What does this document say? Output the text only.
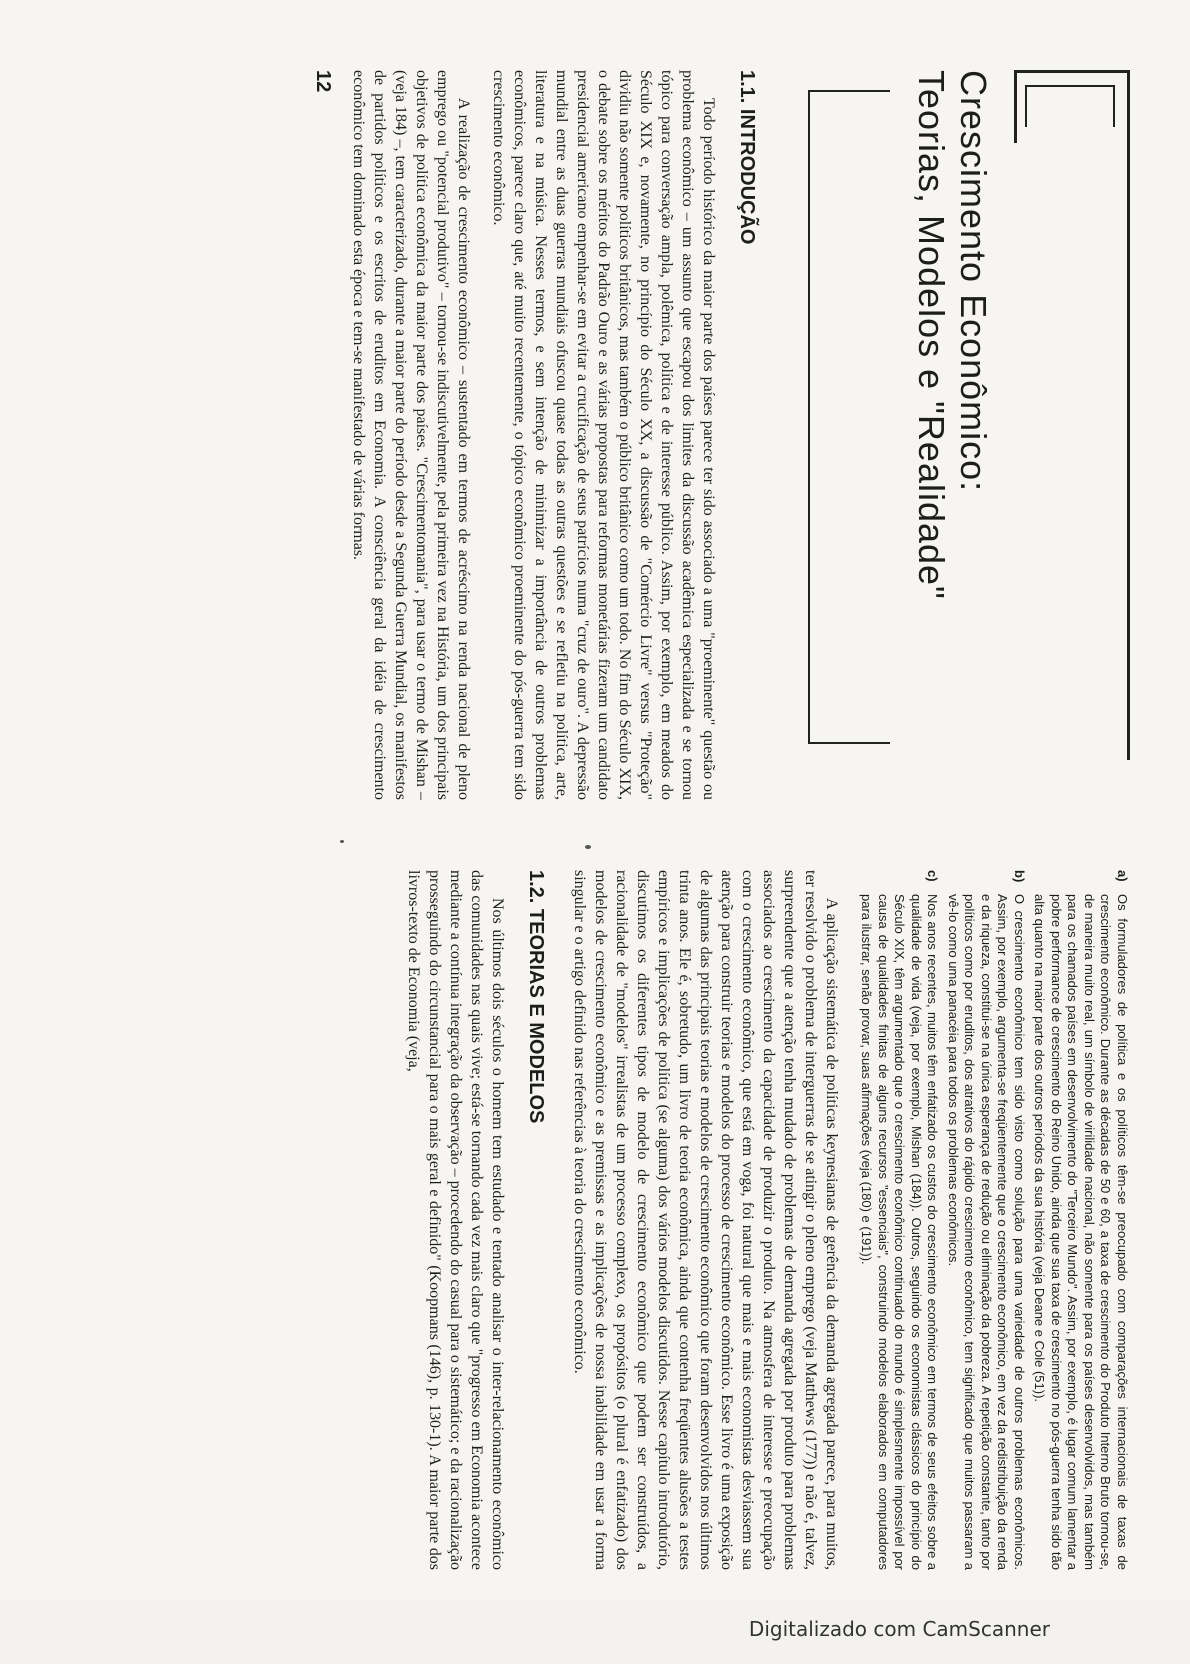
Crescimento Econômico:
Teorias, Modelos e "Realidade"
1.1. INTRODUÇÃO

Todo período histórico da maior parte dos países parece ter sido associado a uma "proeminente" questão ou problema econômico – um assunto que escapou dos limites da discussão acadêmica especializada e se tornou tópico para conversação ampla, polêmica, política e de interesse público. Assim, por exemplo, em meados do Século XIX e, novamente, no princípio do Século XX, a discussão de "Comércio Livre" versus "Proteção" dividiu não somente políticos britânicos, mas também o público britânico como um todo. No fim do Século XIX, o debate sobre os méritos do Padrão Ouro e as várias propostas para reformas monetárias fizeram um candidato presidencial americano empenhar-se em evitar a crucificação de seus patrícios numa "cruz de ouro". A depressão mundial entre as duas guerras mundiais ofuscou quase todas as outras questões e se refletiu na política, arte, literatura e na música. Nesses termos, e sem intenção de minimizar a importância de outros problemas econômicos, parece claro que, até muito recentemente, o tópico econômico proeminente do pós-guerra tem sido crescimento econômico.

A realização de crescimento econômico – sustentado em termos de acréscimo na renda nacional de pleno emprego ou "potencial produtivo" – tornou-se indiscutivelmente, pela primeira vez na História, um dos principais objetivos de política econômica da maior parte dos países. "Crescimentomania", para usar o termo de Mishan – (veja 184) –, tem caracterizado, durante a maior parte do período desde a Segunda Guerra Mundial, os manifestos de partidos políticos e os escritos de eruditos em Economia. A consciência geral da idéia de crescimento econômico tem dominado esta época e tem-se manifestado de várias formas.

12
a)Os formuladores de política e os políticos têm-se preocupado com comparações internacionais de taxas de crescimento econômico. Durante as décadas de 50 e 60, a taxa de crescimento do Produto Interno Bruto tornou-se, de maneira muito real, um símbolo de virilidade nacional, não somente para os países desenvolvidos, mas também para os chamados países em desenvolvimento do "Terceiro Mundo". Assim, por exemplo, é lugar comum lamentar a pobre performance de crescimento do Reino Unido, ainda que sua taxa de crescimento no pós-guerra tenha sido tão alta quanto na maior parte dos outros períodos da sua história (veja Deane e Cole (51)).
b)O crescimento econômico tem sido visto como solução para uma variedade de outros problemas econômicos. Assim, por exemplo, argumenta-se freqüentemente que o crescimento econômico, em vez da redistribuição da renda e da riqueza, constitui-se na única esperança de redução ou eliminação da pobreza. A repetição constante, tanto por políticos como por eruditos, dos atrativos do rápido crescimento econômico, tem significado que muitos passaram a vê-lo como uma panacéia para todos os problemas econômicos.
c)Nos anos recentes, muitos têm enfatizado os custos do crescimento econômico em termos de seus efeitos sobre a qualidade de vida (veja, por exemplo, Mishan (184)). Outros, seguindo os economistas clássicos do princípio do Século XIX, têm argumentado que o crescimento econômico continuado do mundo é simplesmente impossível por causa de qualidades finitas de alguns recursos "essenciais", construindo modelos elaborados em computadores para ilustrar, senão provar, suas afirmações (veja (180) e (191)).

A aplicação sistemática de políticas keynesianas de gerência da demanda agregada parece, para muitos, ter resolvido o problema de interguerras de se atingir o pleno emprego (veja Matthews (177)) e não é, talvez, surpreendente que a atenção tenha mudado de problemas de demanda agregada por produto para problemas associados ao crescimento da capacidade de produzir o produto. Na atmosfera de interesse e preocupação com o crescimento econômico, que está em voga, foi natural que mais e mais economistas desviassem sua atenção para construir teorias e modelos do processo de crescimento econômico. Esse livro é uma exposição de algumas das principais teorias e modelos de crescimento econômico que foram desenvolvidos nos últimos trinta anos. Ele é, sobretudo, um livro de teoria econômica, ainda que contenha freqüentes alusões a testes empíricos e implicações de política (se alguma) dos vários modelos discutidos. Nesse capítulo introdutório, discutimos os diferentes tipos de modelo de crescimento econômico que podem ser construídos, a racionalidade de "modelos" irrealistas de um processo complexo, os propósitos (o plural é enfatizado) dos modelos de crescimento econômico e as premissas e as implicações de nossa inabilidade em usar a forma singular e o artigo definido nas referências à teoria do crescimento econômico.

1.2. TEORIAS E MODELOS

Nos últimos dois séculos o homem tem estudado e tentado analisar o inter-relacionamento econômico das comunidades nas quais vive; está-se tornando cada vez mais claro que "progresso em Economia acontece mediante a contínua integração da observação – procedendo do casual para o sistemático; e da racionalização prosseguindo do circunstancial para o mais geral e definido" (Koopmans (146), p. 130-1). A maior parte dos livros-texto de Economia (veja,

Digitalizado com CamScanner
